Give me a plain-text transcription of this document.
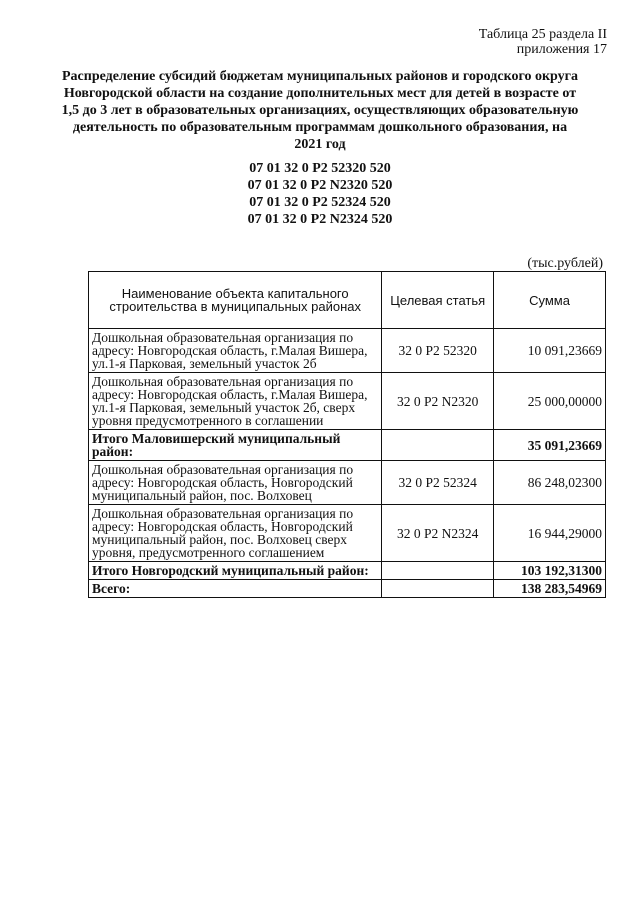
Таблица 25 раздела II
приложения 17
Распределение субсидий бюджетам муниципальных районов и городского округа Новгородской области на создание дополнительных мест для детей в возрасте от 1,5 до 3 лет в образовательных организациях, осуществляющих образовательную деятельность по образовательным программам дошкольного образования, на 2021 год
07 01 32 0 P2 52320 520
07 01 32 0 P2 N2320 520
07 01 32 0 P2 52324 520
07 01 32 0 P2 N2324 520
(тыс.рублей)
Наименование объекта капитального строительства в муниципальных районах	Целевая статья	Сумма
Дошкольная образовательная организация по адресу: Новгородская область, г.Малая Вишера, ул.1-я Парковая, земельный участок 2б	32 0 P2 52320	10 091,23669
Дошкольная образовательная организация по адресу: Новгородская область, г.Малая Вишера, ул.1-я Парковая, земельный участок 2б, сверх уровня предусмотренного в соглашении	32 0 P2 N2320	25 000,00000
Итого Маловишерский муниципальный район:		35 091,23669
Дошкольная образовательная организация по адресу: Новгородская область, Новгородский муниципальный район, пос. Волховец	32 0 P2 52324	86 248,02300
Дошкольная образовательная организация по адресу: Новгородская область, Новгородский муниципальный район, пос. Волховец сверх уровня, предусмотренного соглашением	32 0 P2 N2324	16 944,29000
Итого Новгородский муниципальный район:		103 192,31300
Всего:		138 283,54969
